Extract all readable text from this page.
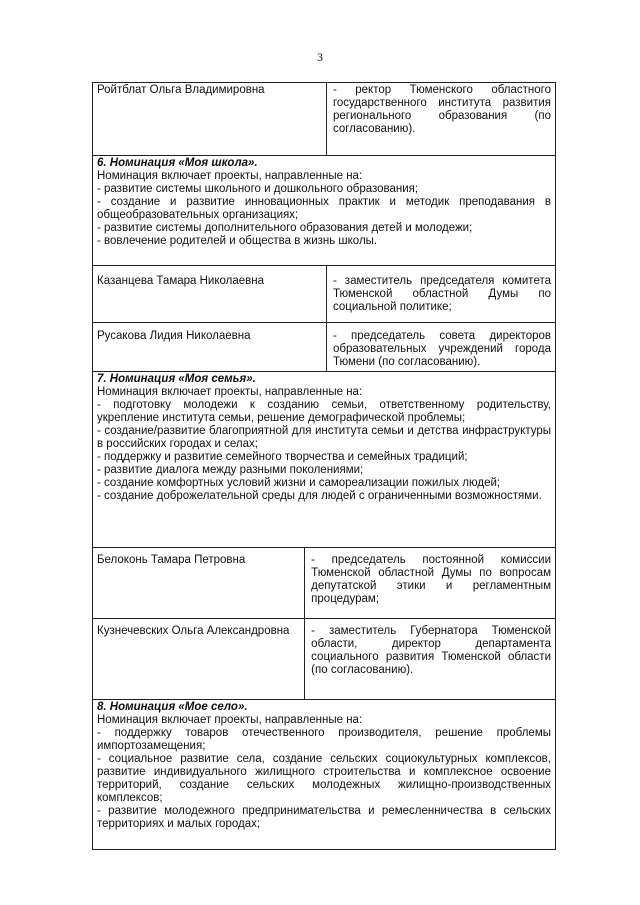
3
Ройтблат Ольга Владимировна	- ректор Тюменского областного государственного института развития регионального образования (по согласованию).
6. Номинация «Моя школа».
Номинация включает проекты, направленные на:
- развитие системы школьного и дошкольного образования;
- создание и развитие инновационных практик и методик преподавания в общеобразовательных организациях;
- развитие системы дополнительного образования детей и молодежи;
- вовлечение родителей и общества в жизнь школы.
Казанцева Тамара Николаевна	- заместитель председателя комитета Тюменской областной Думы по социальной политике;
Русакова Лидия Николаевна	- председатель совета директоров образовательных учреждений города Тюмени (по согласованию).
7. Номинация «Моя семья».
Номинация включает проекты, направленные на:
- подготовку молодежи к созданию семьи, ответственному родительству, укрепление института семьи, решение демографической проблемы;
- создание/развитие благоприятной для института семьи и детства инфраструктуры в российских городах и селах;
- поддержку и развитие семейного творчества и семейных традиций;
- развитие диалога между разными поколениями;
- создание комфортных условий жизни и самореализации пожилых людей;
- создание доброжелательной среды для людей с ограниченными возможностями.
Белоконь Тамара Петровна	- председатель постоянной комиссии Тюменской областной Думы по вопросам депутатской этики и регламентным процедурам;
Кузнечевских Ольга Александровна	- заместитель Губернатора Тюменской области, директор департамента социального развития Тюменской области (по согласованию).
8. Номинация «Мое село».
Номинация включает проекты, направленные на:
- поддержку товаров отечественного производителя, решение проблемы импортозамещения;
- социальное развитие села, создание сельских социокультурных комплексов, развитие индивидуального жилищного строительства и комплексное освоение территорий, создание сельских молодежных жилищно-производственных комплексов;
- развитие молодежного предпринимательства и ремесленничества в сельских территориях и малых городах;
